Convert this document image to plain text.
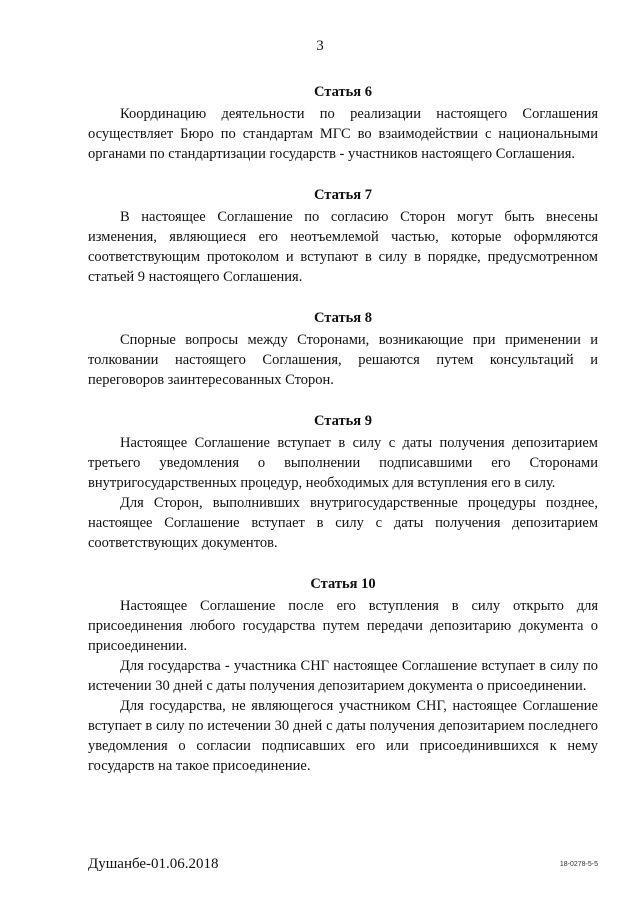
3
Статья 6

Координацию деятельности по реализации настоящего Соглашения осуществляет Бюро по стандартам МГС во взаимодействии с национальными органами по стандартизации государств - участников настоящего Соглашения.

Статья 7

В настоящее Соглашение по согласию Сторон могут быть внесены изменения, являющиеся его неотъемлемой частью, которые оформляются соответствующим протоколом и вступают в силу в порядке, предусмотренном статьей 9 настоящего Соглашения.

Статья 8

Спорные вопросы между Сторонами, возникающие при применении и толковании настоящего Соглашения, решаются путем консультаций и переговоров заинтересованных Сторон.

Статья 9

Настоящее Соглашение вступает в силу с даты получения депозитарием третьего уведомления о выполнении подписавшими его Сторонами внутригосударственных процедур, необходимых для вступления его в силу.

Для Сторон, выполнивших внутригосударственные процедуры позднее, настоящее Соглашение вступает в силу с даты получения депозитарием соответствующих документов.

Статья 10

Настоящее Соглашение после его вступления в силу открыто для присоединения любого государства путем передачи депозитарию документа о присоединении.

Для государства - участника СНГ настоящее Соглашение вступает в силу по истечении 30 дней с даты получения депозитарием документа о присоединении.

Для государства, не являющегося участником СНГ, настоящее Соглашение вступает в силу по истечении 30 дней с даты получения депозитарием последнего уведомления о согласии подписавших его или присоединившихся к нему государств на такое присоединение.

Душанбе-01.06.2018	18-0278-5-5
